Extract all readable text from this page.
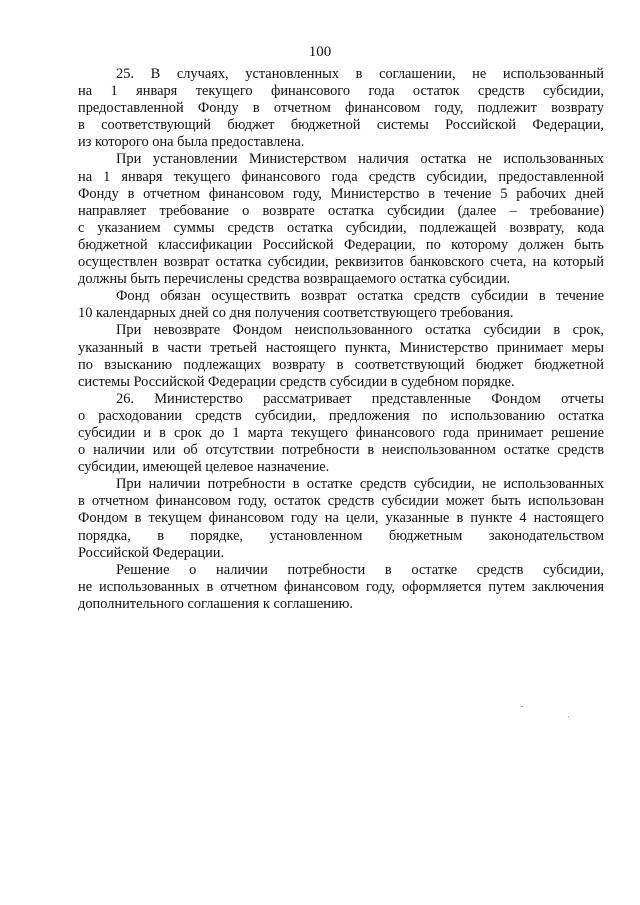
100

25. В случаях, установленных в соглашении, не использованный
на 1 января текущего финансового года остаток средств субсидии,
предоставленной Фонду в отчетном финансовом году, подлежит возврату
в соответствующий бюджет бюджетной системы Российской Федерации,
из которого она была предоставлена.

При установлении Министерством наличия остатка не использованных
на 1 января текущего финансового года средств субсидии, предоставленной
Фонду в отчетном финансовом году, Министерство в течение 5 рабочих дней
направляет требование о возврате остатка субсидии (далее – требование)
с указанием суммы средств остатка субсидии, подлежащей возврату, кода
бюджетной классификации Российской Федерации, по которому должен быть
осуществлен возврат остатка субсидии, реквизитов банковского счета, на который
должны быть перечислены средства возвращаемого остатка субсидии.

Фонд обязан осуществить возврат остатка средств субсидии в течение
10 календарных дней со дня получения соответствующего требования.

При невозврате Фондом неиспользованного остатка субсидии в срок,
указанный в части третьей настоящего пункта, Министерство принимает меры
по взысканию подлежащих возврату в соответствующий бюджет бюджетной
системы Российской Федерации средств субсидии в судебном порядке.

26. Министерство рассматривает представленные Фондом отчеты
о расходовании средств субсидии, предложения по использованию остатка
субсидии и в срок до 1 марта текущего финансового года принимает решение
о наличии или об отсутствии потребности в неиспользованном остатке средств
субсидии, имеющей целевое назначение.

При наличии потребности в остатке средств субсидии, не использованных
в отчетном финансовом году, остаток средств субсидии может быть использован
Фондом в текущем финансовом году на цели, указанные в пункте 4 настоящего
порядка, в порядке, установленном бюджетным законодательством
Российской Федерации.

Решение о наличии потребности в остатке средств субсидии,
не использованных в отчетном финансовом году, оформляется путем заключения
дополнительного соглашения к соглашению.
